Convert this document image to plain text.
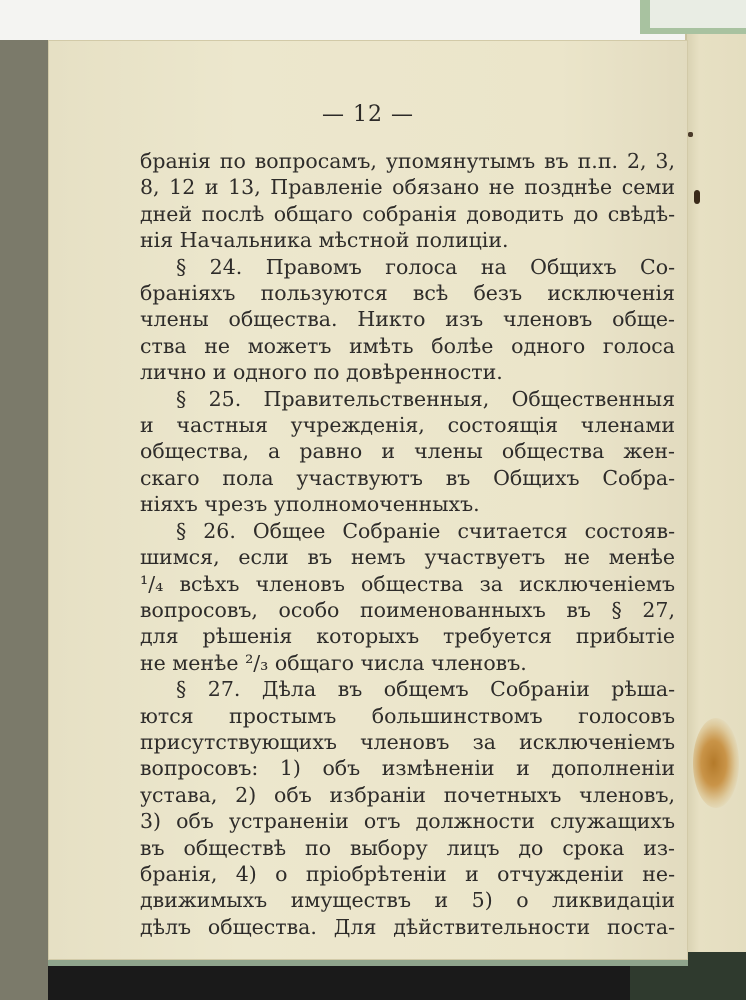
— 12 —
бранія по вопросамъ, упомянутымъ въ п.п. 2, 3,
8, 12 и 13, Правленіе обязано не позднѣе семи
дней послѣ общаго собранія доводить до свѣдѣ-
нія Начальника мѣстной полиціи.
§ 24. Правомъ голоса на Общихъ Со-
браніяхъ пользуются всѣ безъ исключенія
члены общества. Никто изъ членовъ обще-
ства не можетъ имѣть болѣе одного голоса
лично и одного по довѣренности.
§ 25. Правительственныя, Общественныя
и частныя учрежденія, состоящія членами
общества, а равно и члены общества жен-
скаго пола участвуютъ въ Общихъ Собра-
ніяхъ чрезъ уполномоченныхъ.
§ 26. Общее Собраніе считается состояв-
шимся, если въ немъ участвуетъ не менѣе
¹/₄ всѣхъ членовъ общества за исключеніемъ
вопросовъ, особо поименованныхъ въ § 27,
для рѣшенія которыхъ требуется прибытіе
не менѣе ²/₃ общаго числа членовъ.
§ 27. Дѣла въ общемъ Собраніи рѣша-
ются простымъ большинствомъ голосовъ
присутствующихъ членовъ за исключеніемъ
вопросовъ: 1) объ измѣненіи и дополненіи
устава, 2) объ избраніи почетныхъ членовъ,
3) объ устраненіи отъ должности служащихъ
въ обществѣ по выбору лицъ до срока из-
бранія, 4) о пріобрѣтеніи и отчужденіи не-
движимыхъ имуществъ и 5) о ликвидаціи
дѣлъ общества. Для дѣйствительности поста-
